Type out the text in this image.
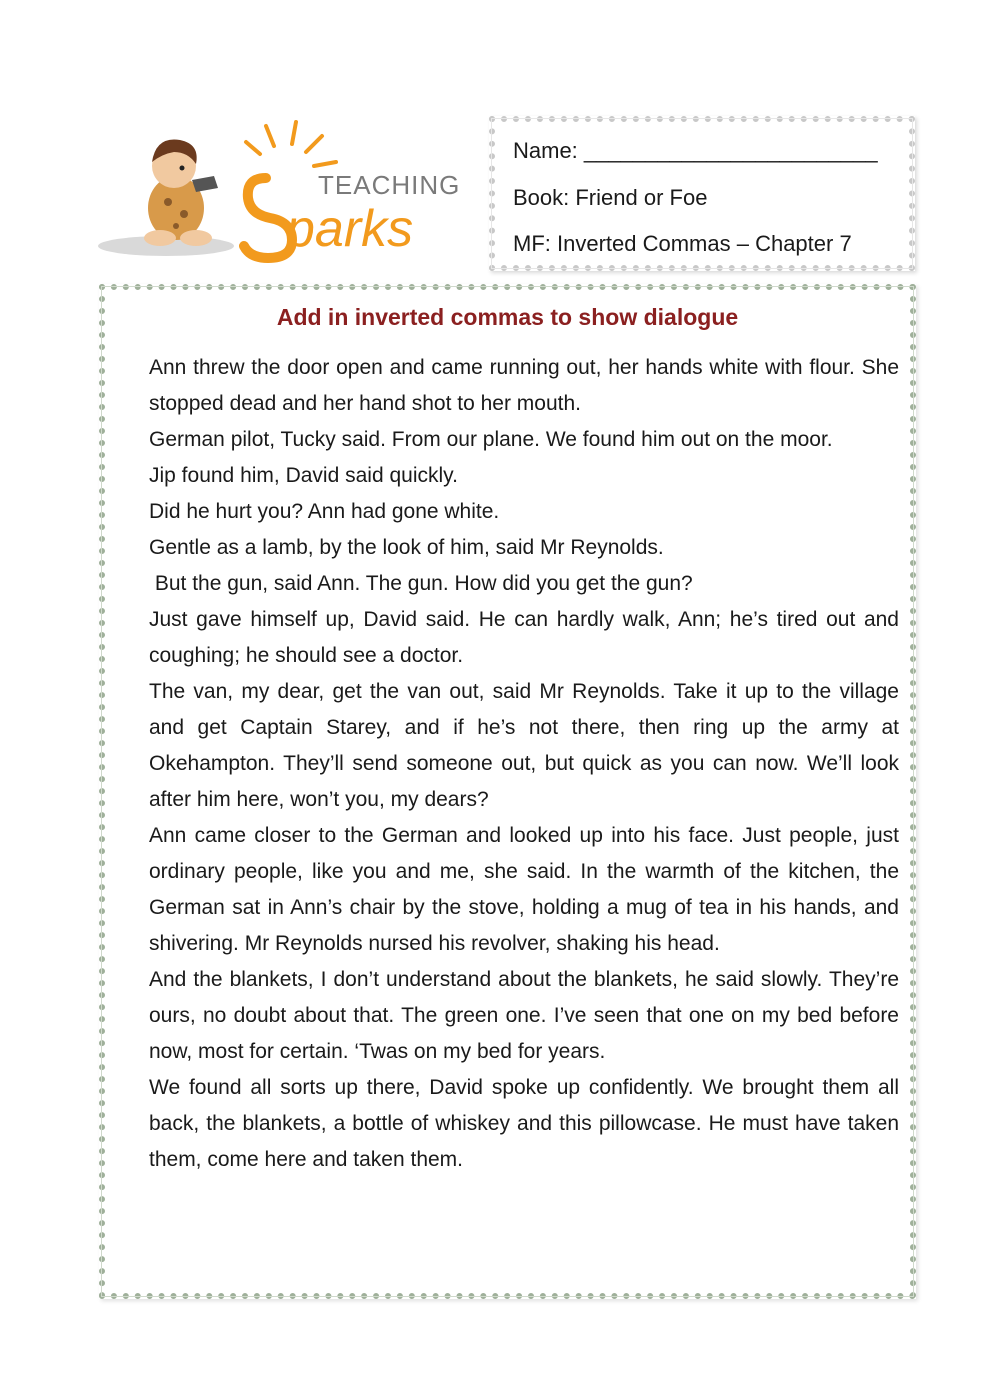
TEACHING
parks
Name: ________________________
Book: Friend or Foe
MF: Inverted Commas – Chapter 7
Add in inverted commas to show dialogue

Ann threw the door open and came running out, her hands white with flour. She stopped dead and her hand shot to her mouth.

German pilot, Tucky said. From our plane. We found him out on the moor.

Jip found him, David said quickly.

Did he hurt you? Ann had gone white.

Gentle as a lamb, by the look of him, said Mr Reynolds.

But the gun, said Ann. The gun. How did you get the gun?

Just gave himself up, David said. He can hardly walk, Ann; he’s tired out and coughing; he should see a doctor.

The van, my dear, get the van out, said Mr Reynolds. Take it up to the village and get Captain Starey, and if he’s not there, then ring up the army at Okehampton. They’ll send someone out, but quick as you can now. We’ll look after him here, won’t you, my dears?

Ann came closer to the German and looked up into his face. Just people, just ordinary people, like you and me, she said. In the warmth of the kitchen, the German sat in Ann’s chair by the stove, holding a mug of tea in his hands, and shivering. Mr Reynolds nursed his revolver, shaking his head.

And the blankets, I don’t understand about the blankets, he said slowly. They’re ours, no doubt about that. The green one. I’ve seen that one on my bed before now, most for certain. ‘Twas on my bed for years.

We found all sorts up there, David spoke up confidently. We brought them all back, the blankets, a bottle of whiskey and this pillowcase. He must have taken them, come here and taken them.
